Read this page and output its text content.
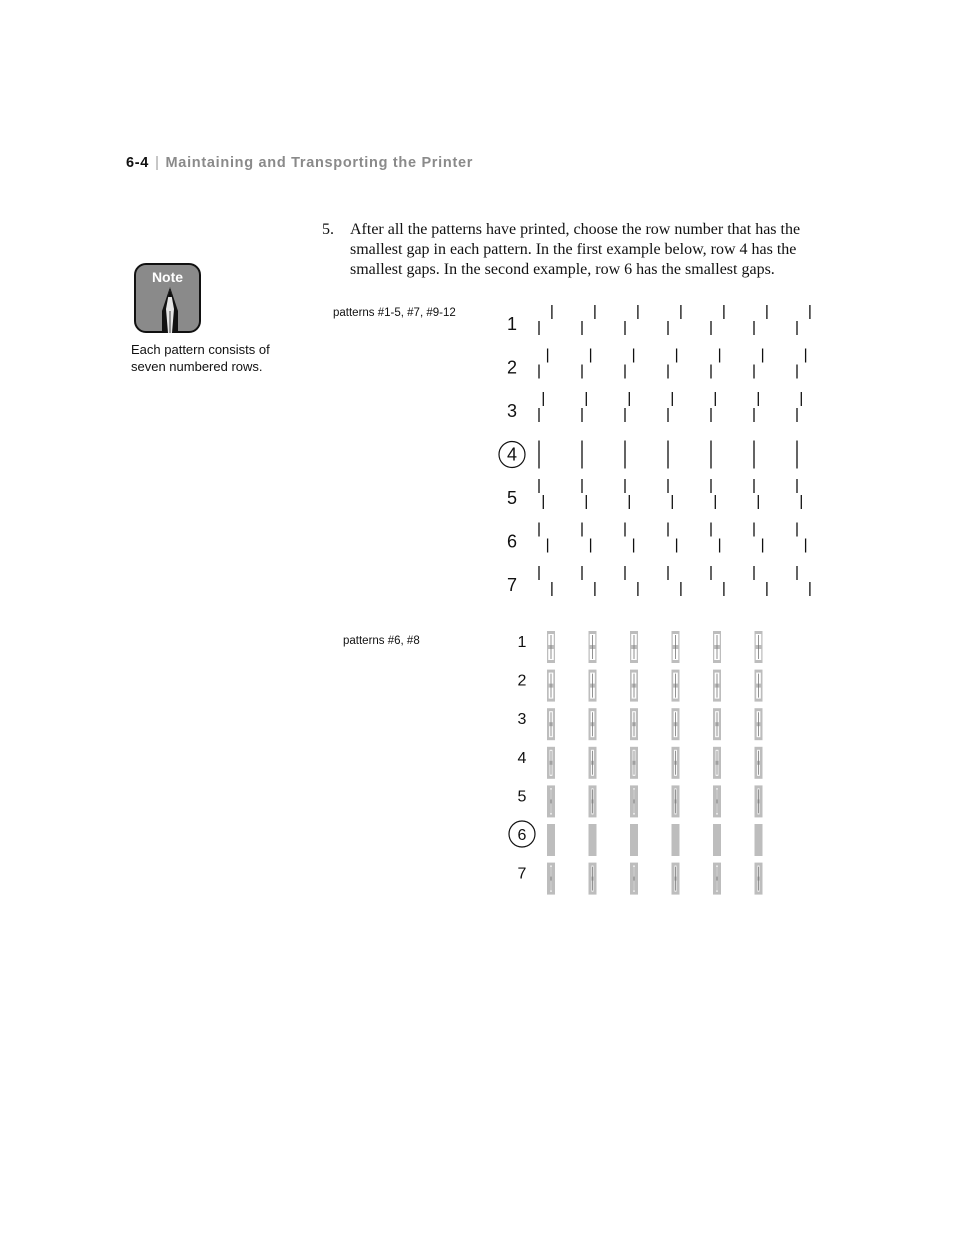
6-4 | Maintaining and Transporting the Printer
Note
Each pattern consists of seven numbered rows.
5. After all the patterns have printed, choose the row number that has the smallest gap in each pattern. In the first example below, row 4 has the smallest gaps. In the second example, row 6 has the smallest gaps.
patterns #1-5, #7, #9-12
1
2
3
4
5
6
7
patterns #6, #8	1
2
3
4
5
6
7
